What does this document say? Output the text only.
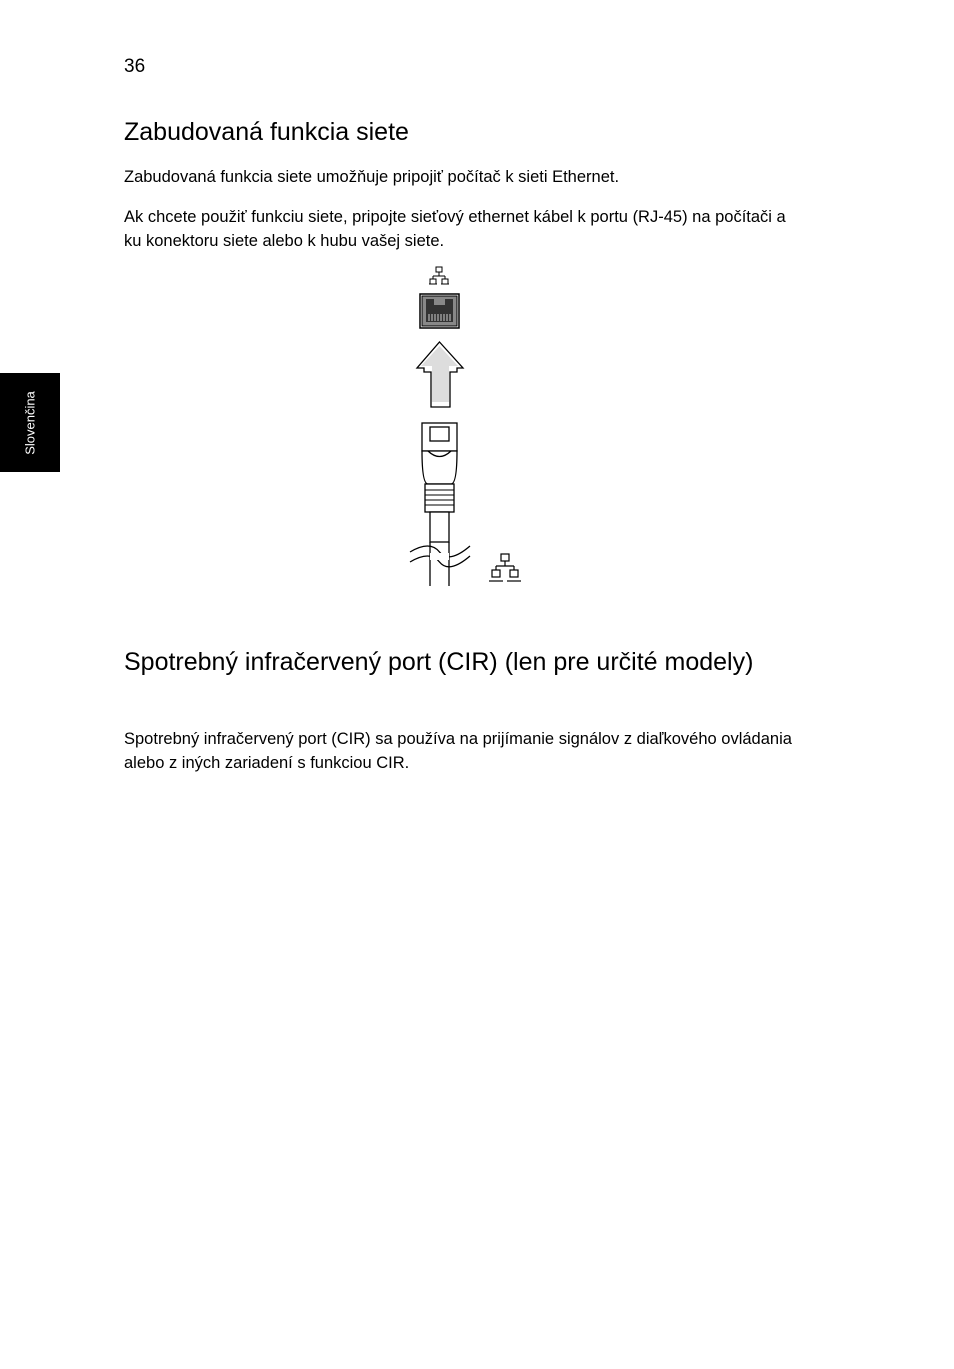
36
Slovenčina
Zabudovaná funkcia siete

Zabudovaná funkcia siete umožňuje pripojiť počítač k sieti Ethernet.

Ak chcete použiť funkciu siete, pripojte sieťový ethernet kábel k portu (RJ-45) na počítači a ku konektoru siete alebo k hubu vašej siete.

Spotrebný infračervený port (CIR) (len pre určité modely)

Spotrebný infračervený port (CIR) sa používa na prijímanie signálov z diaľkového ovládania alebo z iných zariadení s funkciou CIR.
